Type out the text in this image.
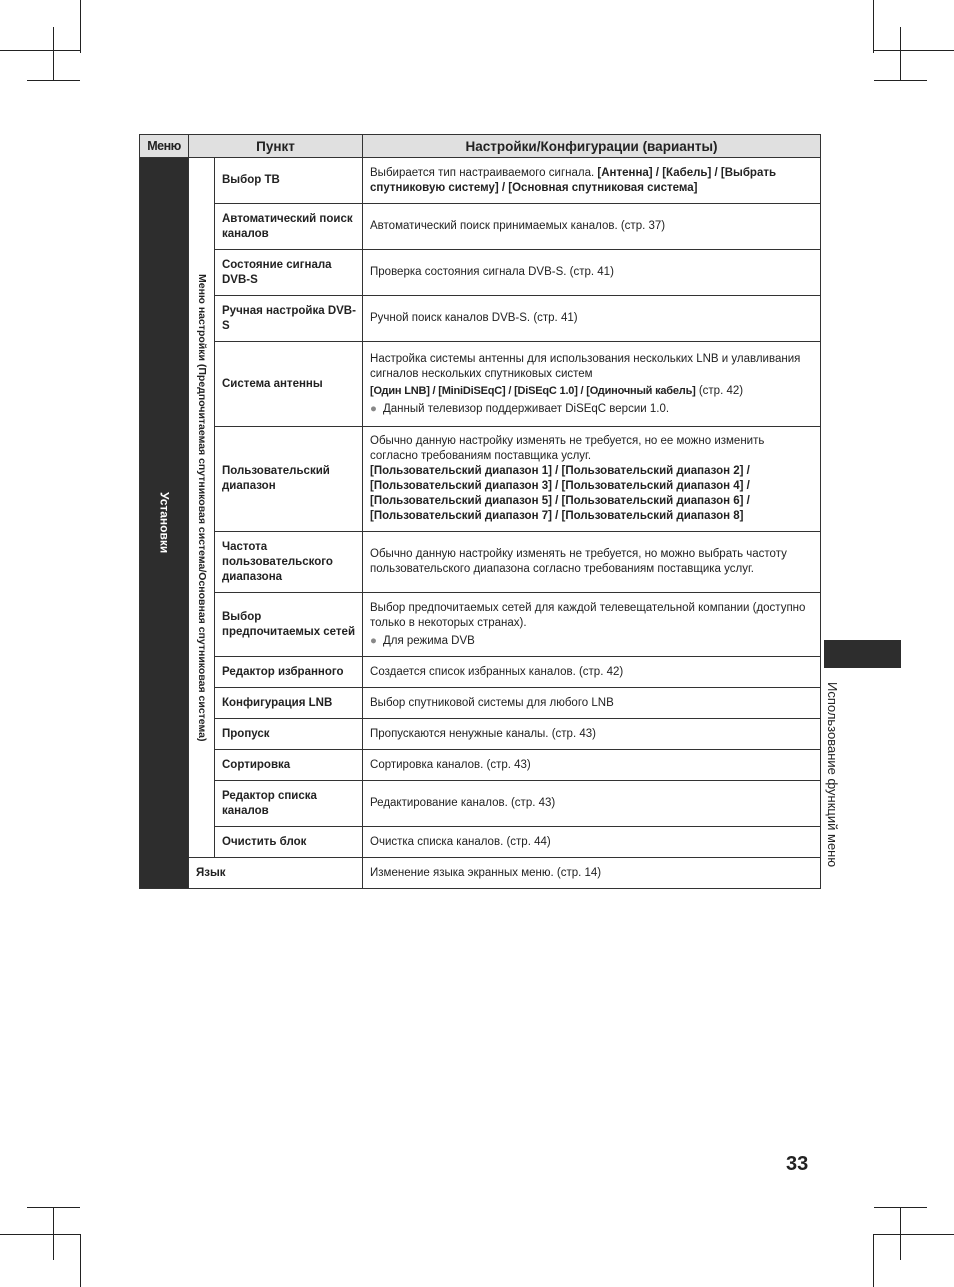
Меню	Пункт		Настройки/Конфигурации (варианты)

Установки	Меню настройки (Предпочитаемая спутниковая система/Основная спутниковая система)	Выбор ТВ	Выбирается тип настраиваемого сигнала. [Антенна] / [Кабель] / [Выбрать спутниковую систему] / [Основная спутниковая система]
		Автоматический поиск каналов	Автоматический поиск принимаемых каналов. (стр. 37)
		Состояние сигнала DVB-S	Проверка состояния сигнала DVB-S. (стр. 41)
		Ручная настройка DVB-S	Ручной поиск каналов DVB-S. (стр. 41)
		Система антенны	Настройка системы антенны для использования нескольких LNB и улавливания сигналов нескольких спутниковых систем
[Один LNB] / [MiniDiSEqC] / [DiSEqC 1.0] / [Одиночный кабель] (стр. 42)
● Данный телевизор поддерживает DiSEqC версии 1.0.

		Пользовательский диапазон	Обычно данную настройку изменять не требуется, но ее можно изменить согласно требованиям поставщика услуг.
[Пользовательский диапазон 1] / [Пользовательский диапазон 2] /
[Пользовательский диапазон 3] / [Пользовательский диапазон 4] /
[Пользовательский диапазон 5] / [Пользовательский диапазон 6] /
[Пользовательский диапазон 7] / [Пользовательский диапазон 8]

		Частота пользовательского диапазона	Обычно данную настройку изменять не требуется, но можно выбрать частоту пользовательского диапазона согласно требованиям поставщика услуг.
		Выбор предпочитаемых сетей	Выбор предпочитаемых сетей для каждой телевещательной компании (доступно только в некоторых странах).
● Для режима DVB

		Редактор избранного	Создается список избранных каналов. (стр. 42)
		Конфигурация LNB	Выбор спутниковой системы для любого LNB
		Пропуск	Пропускаются ненужные каналы. (стр. 43)
		Сортировка	Сортировка каналов. (стр. 43)
		Редактор списка каналов	Редактирование каналов. (стр. 43)
		Очистить блок	Очистка списка каналов. (стр. 44)
	Язык		Изменение языка экранных меню. (стр. 14)
Использование функций меню
33
